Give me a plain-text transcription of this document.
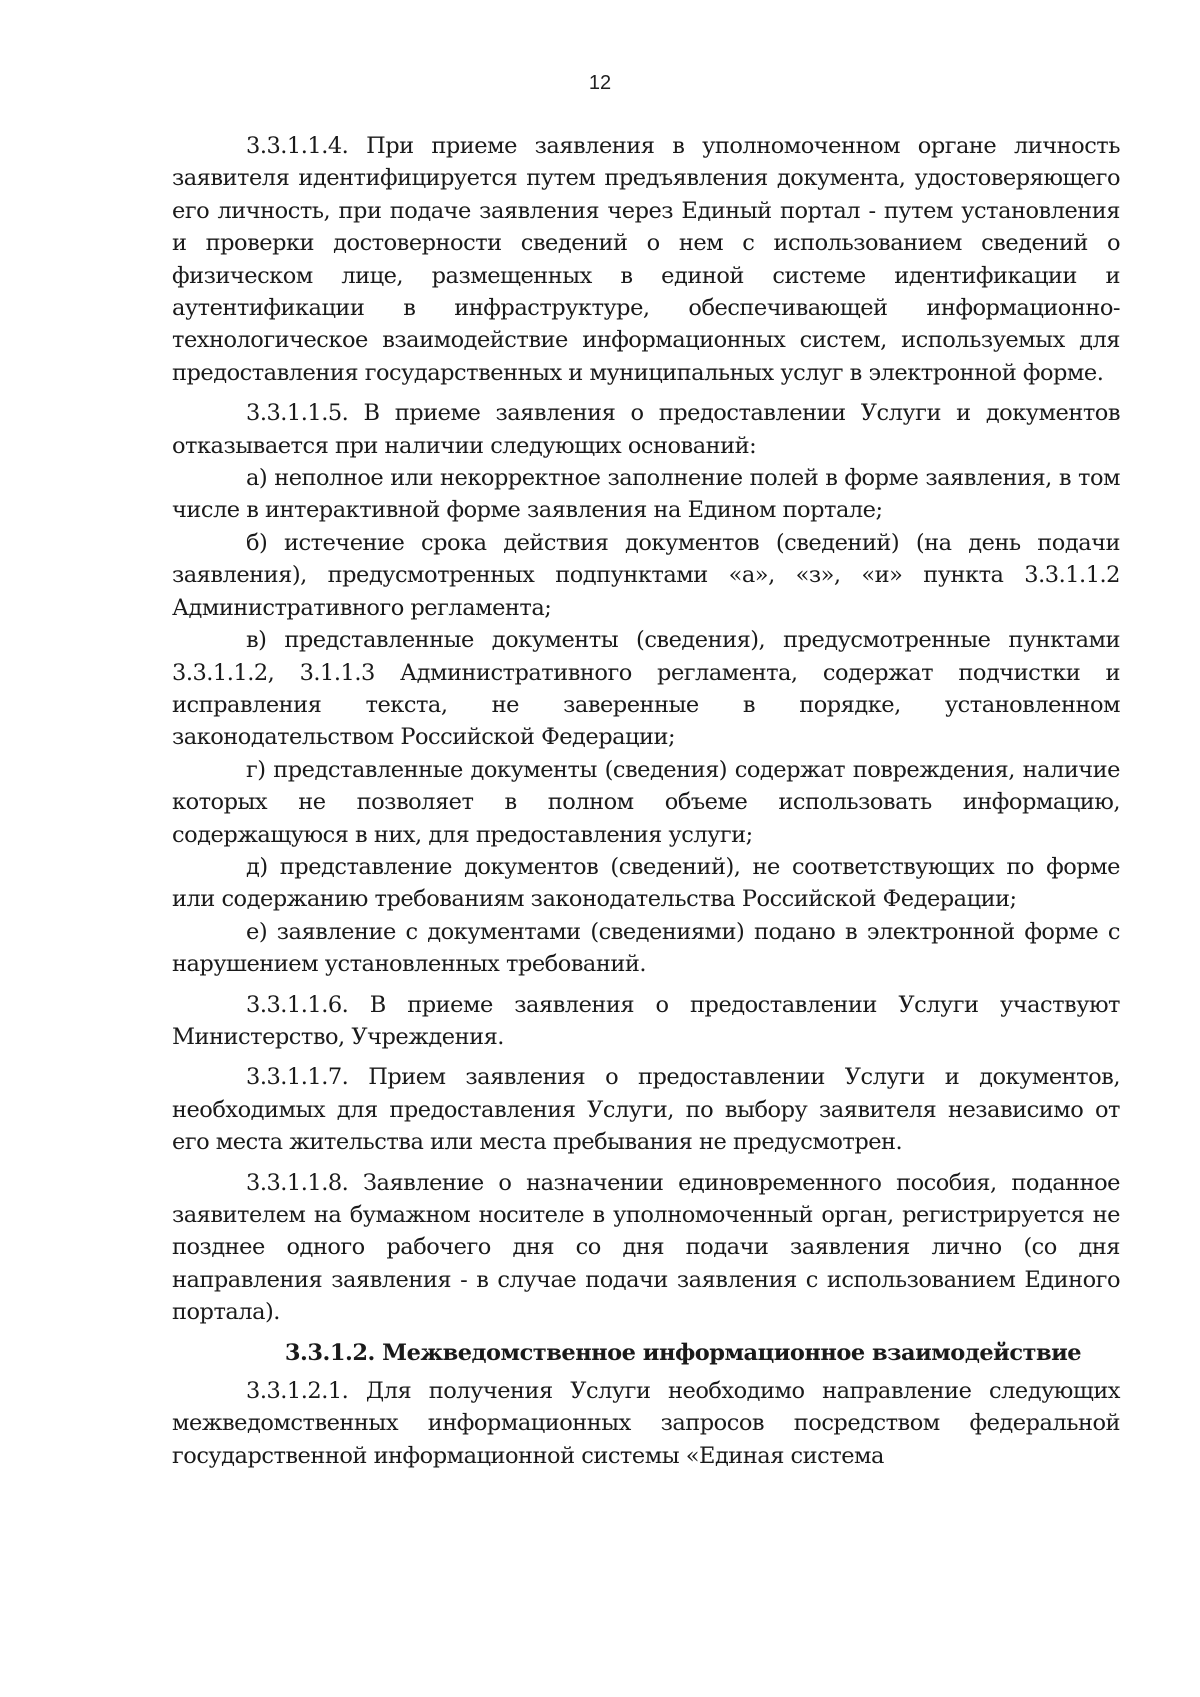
12

3.3.1.1.4. При приеме заявления в уполномоченном органе личность заявителя идентифицируется путем предъявления документа, удостоверяющего его личность, при подаче заявления через Единый портал - путем установления и проверки достоверности сведений о нем с использованием сведений о физическом лице, размещенных в единой системе идентификации и аутентификации в инфраструктуре, обеспечивающей информационно-технологическое взаимодействие информационных систем, используемых для предоставления государственных и муниципальных услуг в электронной форме.

3.3.1.1.5. В приеме заявления о предоставлении Услуги и документов отказывается при наличии следующих оснований:

а) неполное или некорректное заполнение полей в форме заявления, в том числе в интерактивной форме заявления на Едином портале;

б) истечение срока действия документов (сведений) (на день подачи заявления), предусмотренных подпунктами «а», «з», «и» пункта 3.3.1.1.2 Административного регламента;

в) представленные документы (сведения), предусмотренные пунктами 3.3.1.1.2, 3.1.1.3 Административного регламента, содержат подчистки и исправления текста, не заверенные в порядке, установленном законодательством Российской Федерации;

г) представленные документы (сведения) содержат повреждения, наличие которых не позволяет в полном объеме использовать информацию, содержащуюся в них, для предоставления услуги;

д) представление документов (сведений), не соответствующих по форме или содержанию требованиям законодательства Российской Федерации;

е) заявление с документами (сведениями) подано в электронной форме с нарушением установленных требований.

3.3.1.1.6. В приеме заявления о предоставлении Услуги участвуют Министерство, Учреждения.

3.3.1.1.7. Прием заявления о предоставлении Услуги и документов, необходимых для предоставления Услуги, по выбору заявителя независимо от его места жительства или места пребывания не предусмотрен.

3.3.1.1.8. Заявление о назначении единовременного пособия, поданное заявителем на бумажном носителе в уполномоченный орган, регистрируется не позднее одного рабочего дня со дня подачи заявления лично (со дня направления заявления - в случае подачи заявления с использованием Единого портала).

3.3.1.2. Межведомственное информационное взаимодействие

3.3.1.2.1. Для получения Услуги необходимо направление следующих межведомственных информационных запросов посредством федеральной государственной информационной системы «Единая система
